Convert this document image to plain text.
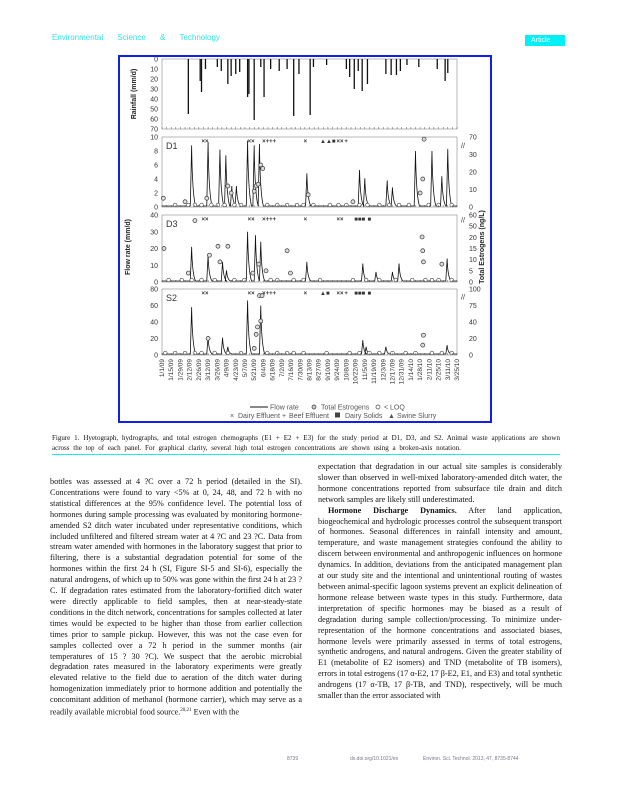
Environmental Science & Technology	Article
0
10
20
30
40
50
60
70
Rainfall (mm/d)
D1
0
2
4
6
8
10
0
10
20
30
70
//
××	×× ×+++	× ▲▲■ ×× +
D3
0
10
20
30
40
0
5
10
15
20
50
60
//
××	×× ×+++	×	×× ■■■ ■
S2
0
20
40
60
80
0
20
40
75
100
//
××	×× ×+++	× ▲■ ×× + ■■■ ■
Flow rate (mm/d)	Total Estrogens (ng/L)
1/1/09 1/15/09 1/29/09 2/12/09 2/26/09 3/12/09 3/26/09 4/9/09 4/23/09 5/7/09 5/21/09 6/4/09 6/18/09 7/2/09 7/16/09 7/30/09 8/13/09 8/27/09 9/10/09 9/24/09 10/8/09 10/22/09 11/5/09 11/19/09 12/3/09 12/17/09 12/31/09 1/14/10 1/28/10 2/11/10 2/25/10 3/11/10 3/25/10
Flow rate	Total Estrogens < LOQ
× Dairy Effluent + Beef Effluent Dairy Solids ▲ Swine Slurry
Figure 1. Hyetograph, hydrographs, and total estrogen chemographs (E1 + E2 + E3) for the study period at D1, D3, and S2. Animal waste applications are shown across the top of each panel. For graphical clarity, several high total estrogen concentrations are shown using a broken-axis notation.

bottles was assessed at 4 ?C over a 72 h period (detailed in the SI). Concentrations were found to vary <5% at 0, 24, 48, and 72 h with no statistical differences at the 95% confidence level. The potential loss of hormones during sample processing was evaluated by monitoring hormone-amended S2 ditch water incubated under representative conditions, which included unfiltered and filtered stream water at 4 ?C and 23 ?C. Data from stream water amended with hormones in the laboratory suggest that prior to filtering, there is a substantial degradation potential for some of the hormones within the first 24 h (SI, Figure SI-5 and SI-6), especially the natural androgens, of which up to 50% was gone within the first 24 h at 23 ?C. If degradation rates estimated from the laboratory-fortified ditch water were directly applicable to field samples, then at near-steady-state conditions in the ditch network, concentrations for samples collected at later times would be expected to be higher than those from earlier collection times prior to sample pickup. However, this was not the case even for samples collected over a 72 h period in the summer months (air temperatures of 15 ? 30 ?C). We suspect that the aerobic microbial degradation rates measured in the laboratory experiments were greatly elevated relative to the field due to aeration of the ditch water during homogenization immediately prior to hormone addition and potentially the concomitant addition of methanol (hormone carrier), which may serve as a readily available microbial food source.$^{20,21}$ Even with the

expectation that degradation in our actual site samples is considerably slower than observed in well-mixed laboratory-amended ditch water, the hormone concentrations reported from subsurface tile drain and ditch network samples are likely still underestimated.

Hormone Discharge Dynamics. After land application, biogeochemical and hydrologic processes control the subsequent transport of hormones. Seasonal differences in rainfall intensity and amount, temperature, and waste management strategies confound the ability to discern between environmental and anthropogenic influences on hormone dynamics. In addition, deviations from the anticipated management plan at our study site and the intentional and unintentional routing of wastes between animal-specific lagoon systems prevent an explicit delineation of hormone release between waste types in this study. Furthermore, data interpretation of specific hormones may be biased as a result of degradation during sample collection/processing. To minimize under-representation of the hormone concentrations and associated biases, hormone levels were primarily assessed in terms of total estrogens, synthetic androgens, and natural androgens. Given the greater stability of E1 (metabolite of E2 isomers) and TND (metabolite of TB isomers), errors in total estrogens (17 α-E2, 17 β-E2, E1, and E3) and total synthetic androgens (17 α-TB, 17 β-TB, and TND), respectively, will be much smaller than the error associated with

8739	dx.doi.org/10.1021/es	Environ. Sci. Technol. 2013, 47, 8735-8744
